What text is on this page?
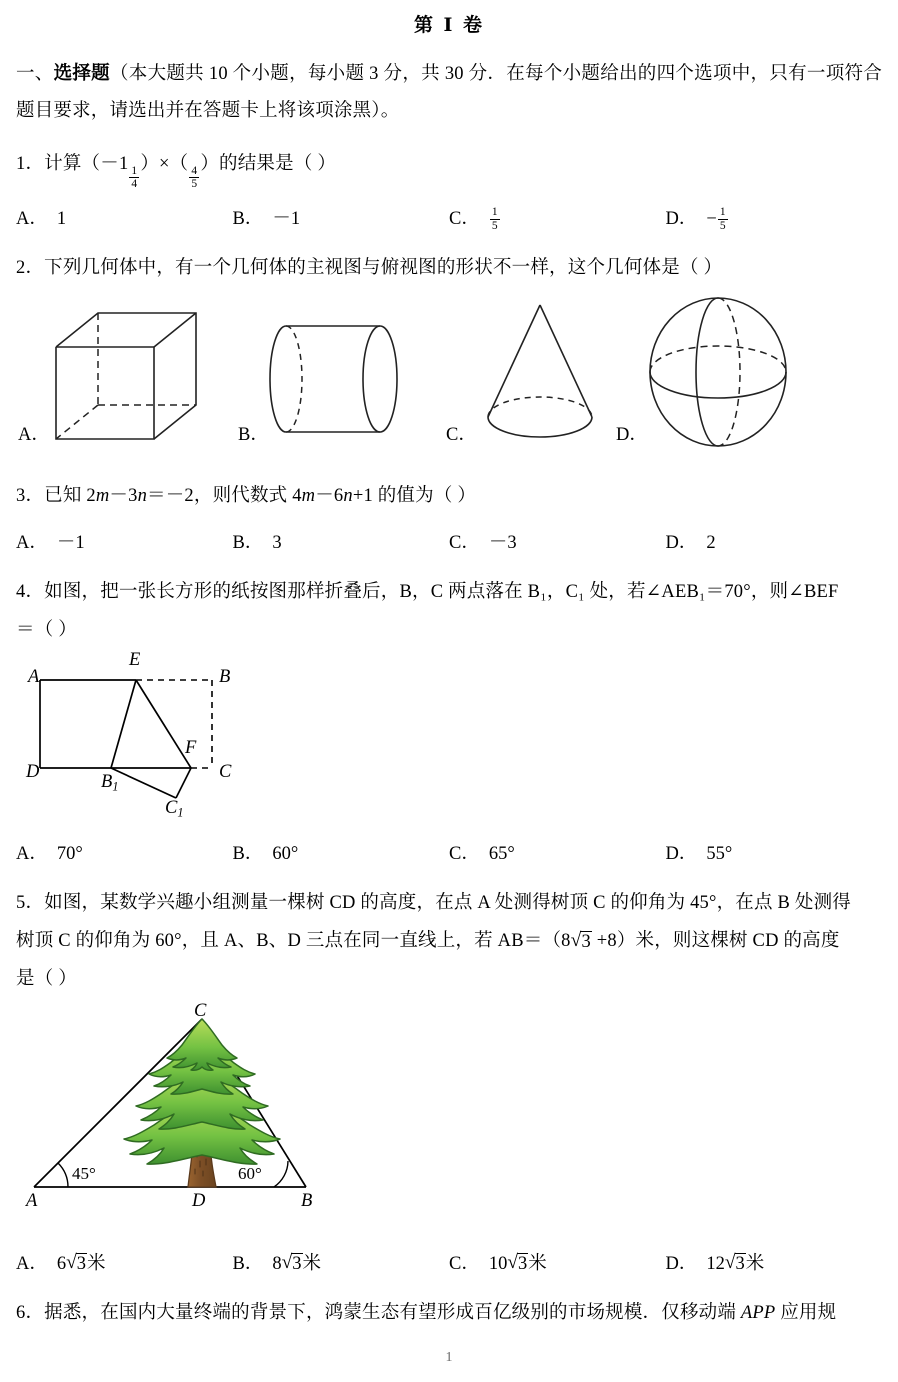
第 I 卷
一、选择题（本大题共 10 个小题，每小题 3 分，共 30 分．在每个小题给出的四个选项中，只有一项符合题目要求，请选出并在答题卡上将该项涂黑）。
1．计算（－1
$\frac{1}{4}$
）×（
$\frac{4}{5}$
）的结果是（ ）
A． 1	B． －1	C． $\frac{1}{5}$	D． − $\frac{1}{5}$
2．下列几何体中，有一个几何体的主视图与俯视图的形状不一样，这个几何体是（ ）
A．	B．	C．	D．
3．已知 2m－3n＝－2，则代数式 4m－6n+1 的值为（ ）
A． －1	B． 3	C． －3	D． 2
4．如图，把一张长方形的纸按图那样折叠后，B，C 两点落在 B₁，C₁ 处，若∠AEB₁＝70°，则∠BEF
＝（ ）
A
E
B
D
F
C
$B_1$
$C_1$
A． 70°	B． 60°	C． 65°	D． 55°
5．如图，某数学兴趣小组测量一棵树 CD 的高度，在点 A 处测得树顶 C 的仰角为 45°，在点 B 处测得
树顶 C 的仰角为 60°，且 A、B、D 三点在同一直线上，若 AB＝（8 √ 3 +8）米，则这棵树 CD 的高度
是（ ）
C
A	D	B
45°	60°
A． 6 √ 3 米	B． 8 √ 3 米	C． 10 √ 3 米	D． 12 √ 3 米
6．据悉，在国内大量终端的背景下，鸿蒙生态有望形成百亿级别的市场规模．仅移动端 APP 应用规
1
